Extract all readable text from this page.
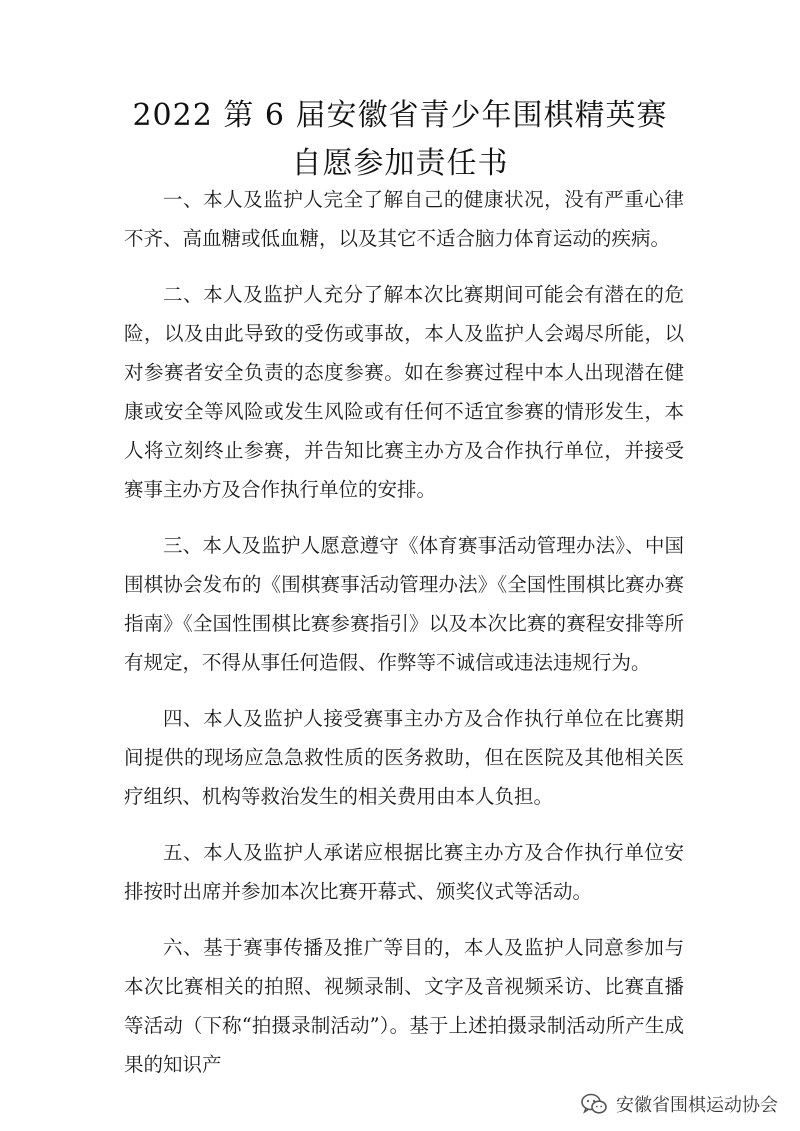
2022 第 6 届安徽省青少年围棋精英赛
自愿参加责任书

一、本人及监护人完全了解自己的健康状况，没有严重心律不齐、高血糖或低血糖，以及其它不适合脑力体育运动的疾病。

二、本人及监护人充分了解本次比赛期间可能会有潜在的危险，以及由此导致的受伤或事故，本人及监护人会竭尽所能，以对参赛者安全负责的态度参赛。如在参赛过程中本人出现潜在健康或安全等风险或发生风险或有任何不适宜参赛的情形发生，本人将立刻终止参赛，并告知比赛主办方及合作执行单位，并接受赛事主办方及合作执行单位的安排。

三、本人及监护人愿意遵守《体育赛事活动管理办法》、中国围棋协会发布的《围棋赛事活动管理办法》《全国性围棋比赛办赛指南》《全国性围棋比赛参赛指引》以及本次比赛的赛程安排等所有规定，不得从事任何造假、作弊等不诚信或违法违规行为。

四、本人及监护人接受赛事主办方及合作执行单位在比赛期间提供的现场应急急救性质的医务救助，但在医院及其他相关医疗组织、机构等救治发生的相关费用由本人负担。

五、本人及监护人承诺应根据比赛主办方及合作执行单位安排按时出席并参加本次比赛开幕式、颁奖仪式等活动。

六、基于赛事传播及推广等目的，本人及监护人同意参加与本次比赛相关的拍照、视频录制、文字及音视频采访、比赛直播等活动（下称“拍摄录制活动”）。基于上述拍摄录制活动所产生成果的知识产

安徽省围棋运动协会
